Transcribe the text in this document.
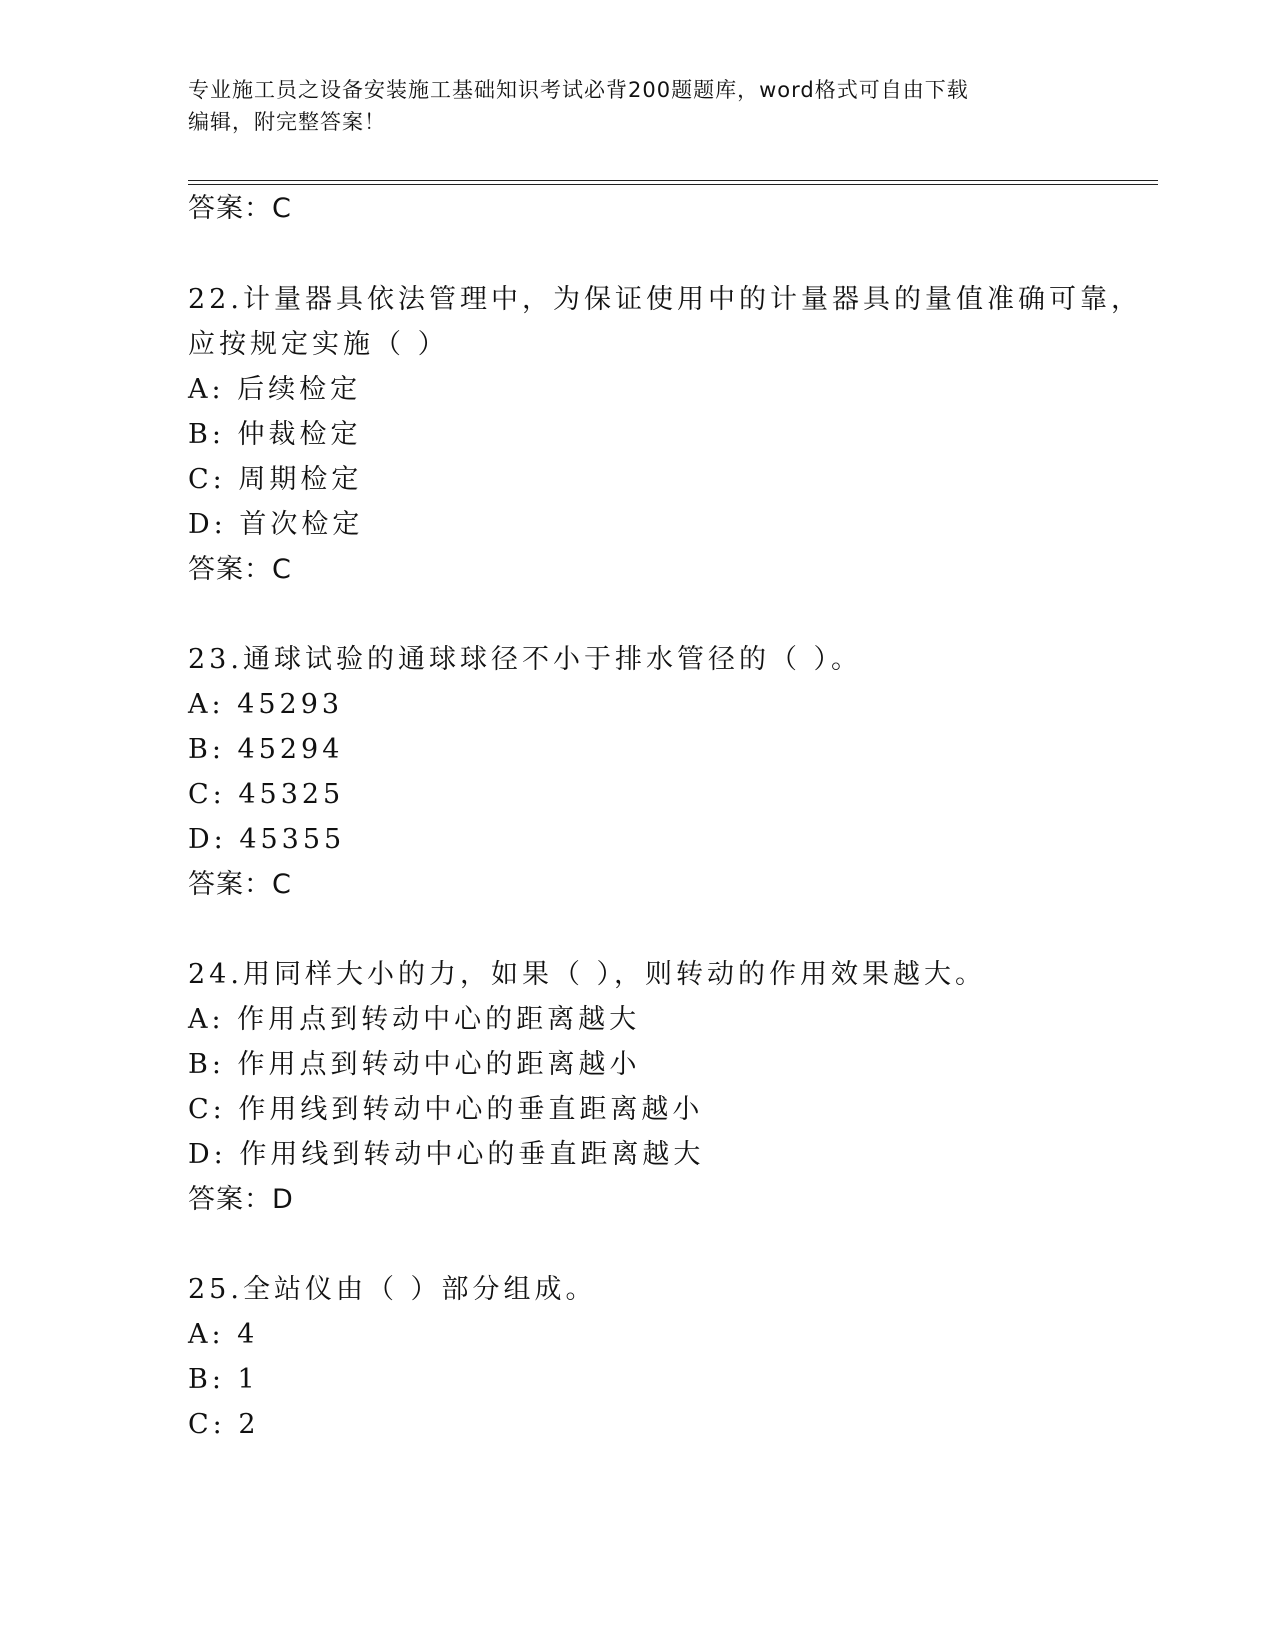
专业施工员之设备安装施工基础知识考试必背200题题库，word格式可自由下载
编辑，附完整答案！
答案：C
22.计量器具依法管理中，为保证使用中的计量器具的量值准确可靠，
应按规定实施（ ）
A: 后续检定
B: 仲裁检定
C: 周期检定
D: 首次检定
答案：C
23.通球试验的通球球径不小于排水管径的（ ）。
A: 45293
B: 45294
C: 45325
D: 45355
答案：C
24.用同样大小的力，如果（ ），则转动的作用效果越大。
A: 作用点到转动中心的距离越大
B: 作用点到转动中心的距离越小
C: 作用线到转动中心的垂直距离越小
D: 作用线到转动中心的垂直距离越大
答案：D
25.全站仪由（ ）部分组成。
A: 4
B: 1
C: 2
